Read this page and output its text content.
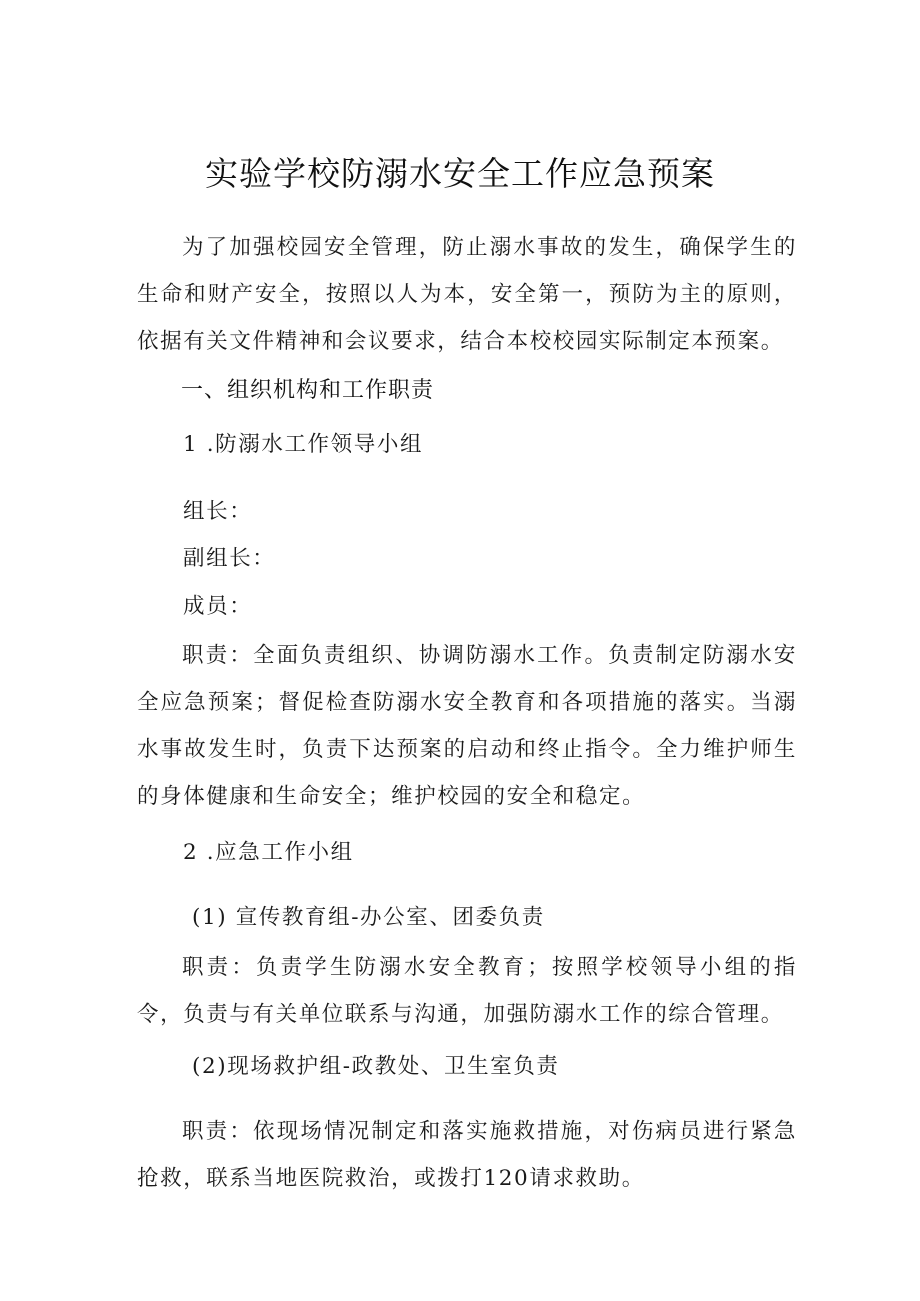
实验学校防溺水安全工作应急预案

为了加强校园安全管理，防止溺水事故的发生，确保学生的生命和财产安全，按照以人为本，安全第一，预防为主的原则，依据有关文件精神和会议要求，结合本校校园实际制定本预案。

一、组织机构和工作职责
1 .防溺水工作领导小组
组长：
副组长：
成员：

职责：全面负责组织、协调防溺水工作。负责制定防溺水安全应急预案；督促检查防溺水安全教育和各项措施的落实。当溺水事故发生时，负责下达预案的启动和终止指令。全力维护师生的身体健康和生命安全；维护校园的安全和稳定。

2 .应急工作小组
(1) 宣传教育组-办公室、团委负责

职责：负责学生防溺水安全教育；按照学校领导小组的指令，负责与有关单位联系与沟通，加强防溺水工作的综合管理。

(2)现场救护组-政教处、卫生室负责

职责：依现场情况制定和落实施救措施，对伤病员进行紧急抢救，联系当地医院救治，或拨打120请求救助。
